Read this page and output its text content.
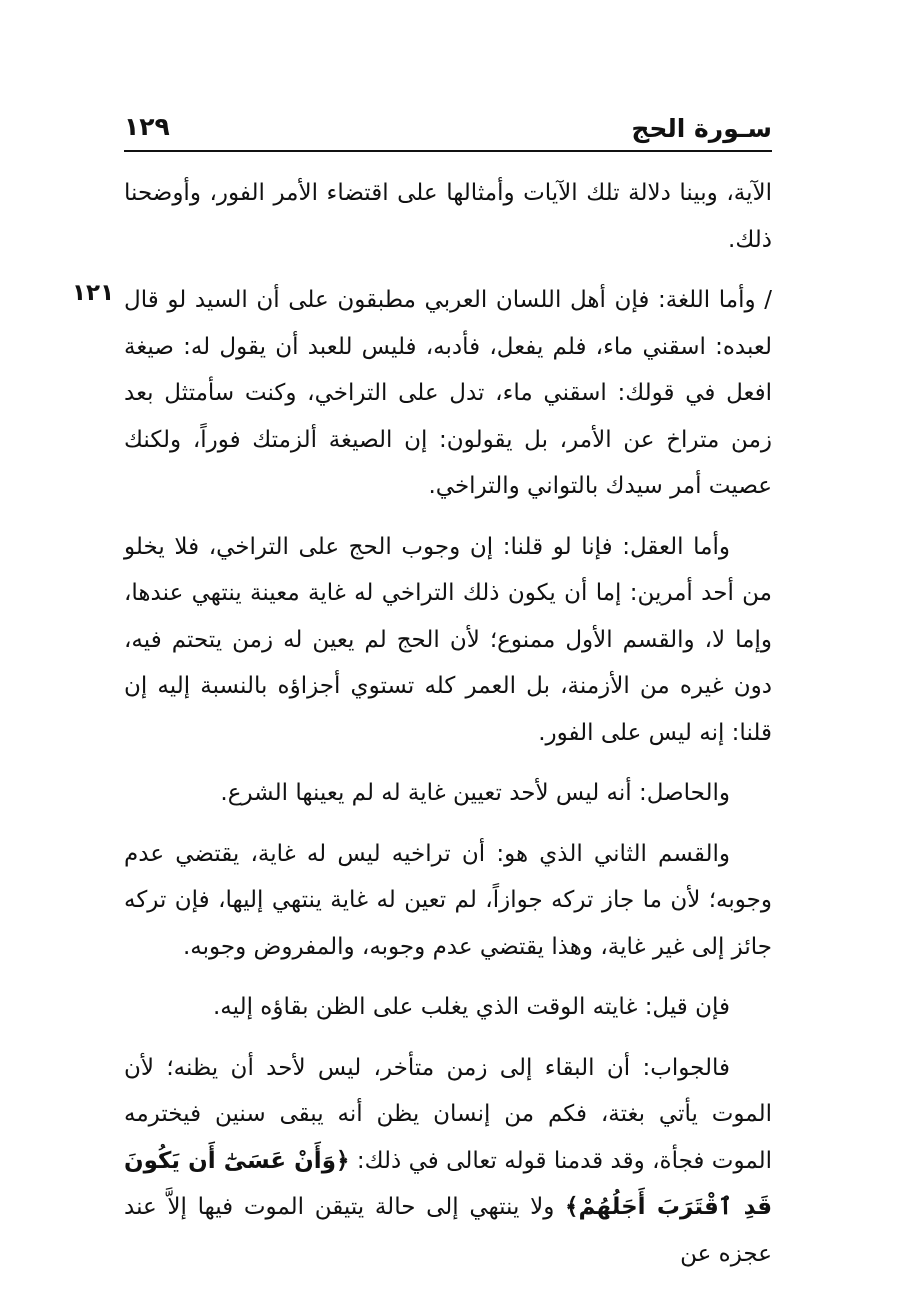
سـورة الحج
١٢٩
١٢١

الآية، وبينا دلالة تلك الآيات وأمثالها على اقتضاء الأمر الفور، وأوضحنا ذلك.

/ وأما اللغة: فإن أهل اللسان العربي مطبقون على أن السيد لو قال لعبده: اسقني ماء، فلم يفعل، فأدبه، فليس للعبد أن يقول له: صيغة افعل في قولك: اسقني ماء، تدل على التراخي، وكنت سأمتثل بعد زمن متراخ عن الأمر، بل يقولون: إن الصيغة ألزمتك فوراً، ولكنك عصيت أمر سيدك بالتواني والتراخي.

وأما العقل: فإنا لو قلنا: إن وجوب الحج على التراخي، فلا يخلو من أحد أمرين: إما أن يكون ذلك التراخي له غاية معينة ينتهي عندها، وإما لا، والقسم الأول ممنوع؛ لأن الحج لم يعين له زمن يتحتم فيه، دون غيره من الأزمنة، بل العمر كله تستوي أجزاؤه بالنسبة إليه إن قلنا: إنه ليس على الفور.

والحاصل: أنه ليس لأحد تعيين غاية له لم يعينها الشرع.

والقسم الثاني الذي هو: أن تراخيه ليس له غاية، يقتضي عدم وجوبه؛ لأن ما جاز تركه جوازاً، لم تعين له غاية ينتهي إليها، فإن تركه جائز إلى غير غاية، وهذا يقتضي عدم وجوبه، والمفروض وجوبه.

فإن قيل: غايته الوقت الذي يغلب على الظن بقاؤه إليه.

فالجواب: أن البقاء إلى زمن متأخر، ليس لأحد أن يظنه؛ لأن الموت يأتي بغتة، فكم من إنسان يظن أنه يبقى سنين فيخترمه الموت فجأة، وقد قدمنا قوله تعالى في ذلك: ﴿وَأَنْ عَسَىٰٓ أَن يَكُونَ قَدِ ٱقْتَرَبَ أَجَلُهُمْ﴾ ولا ينتهي إلى حالة يتيقن الموت فيها إلاَّ عند عجزه عن
